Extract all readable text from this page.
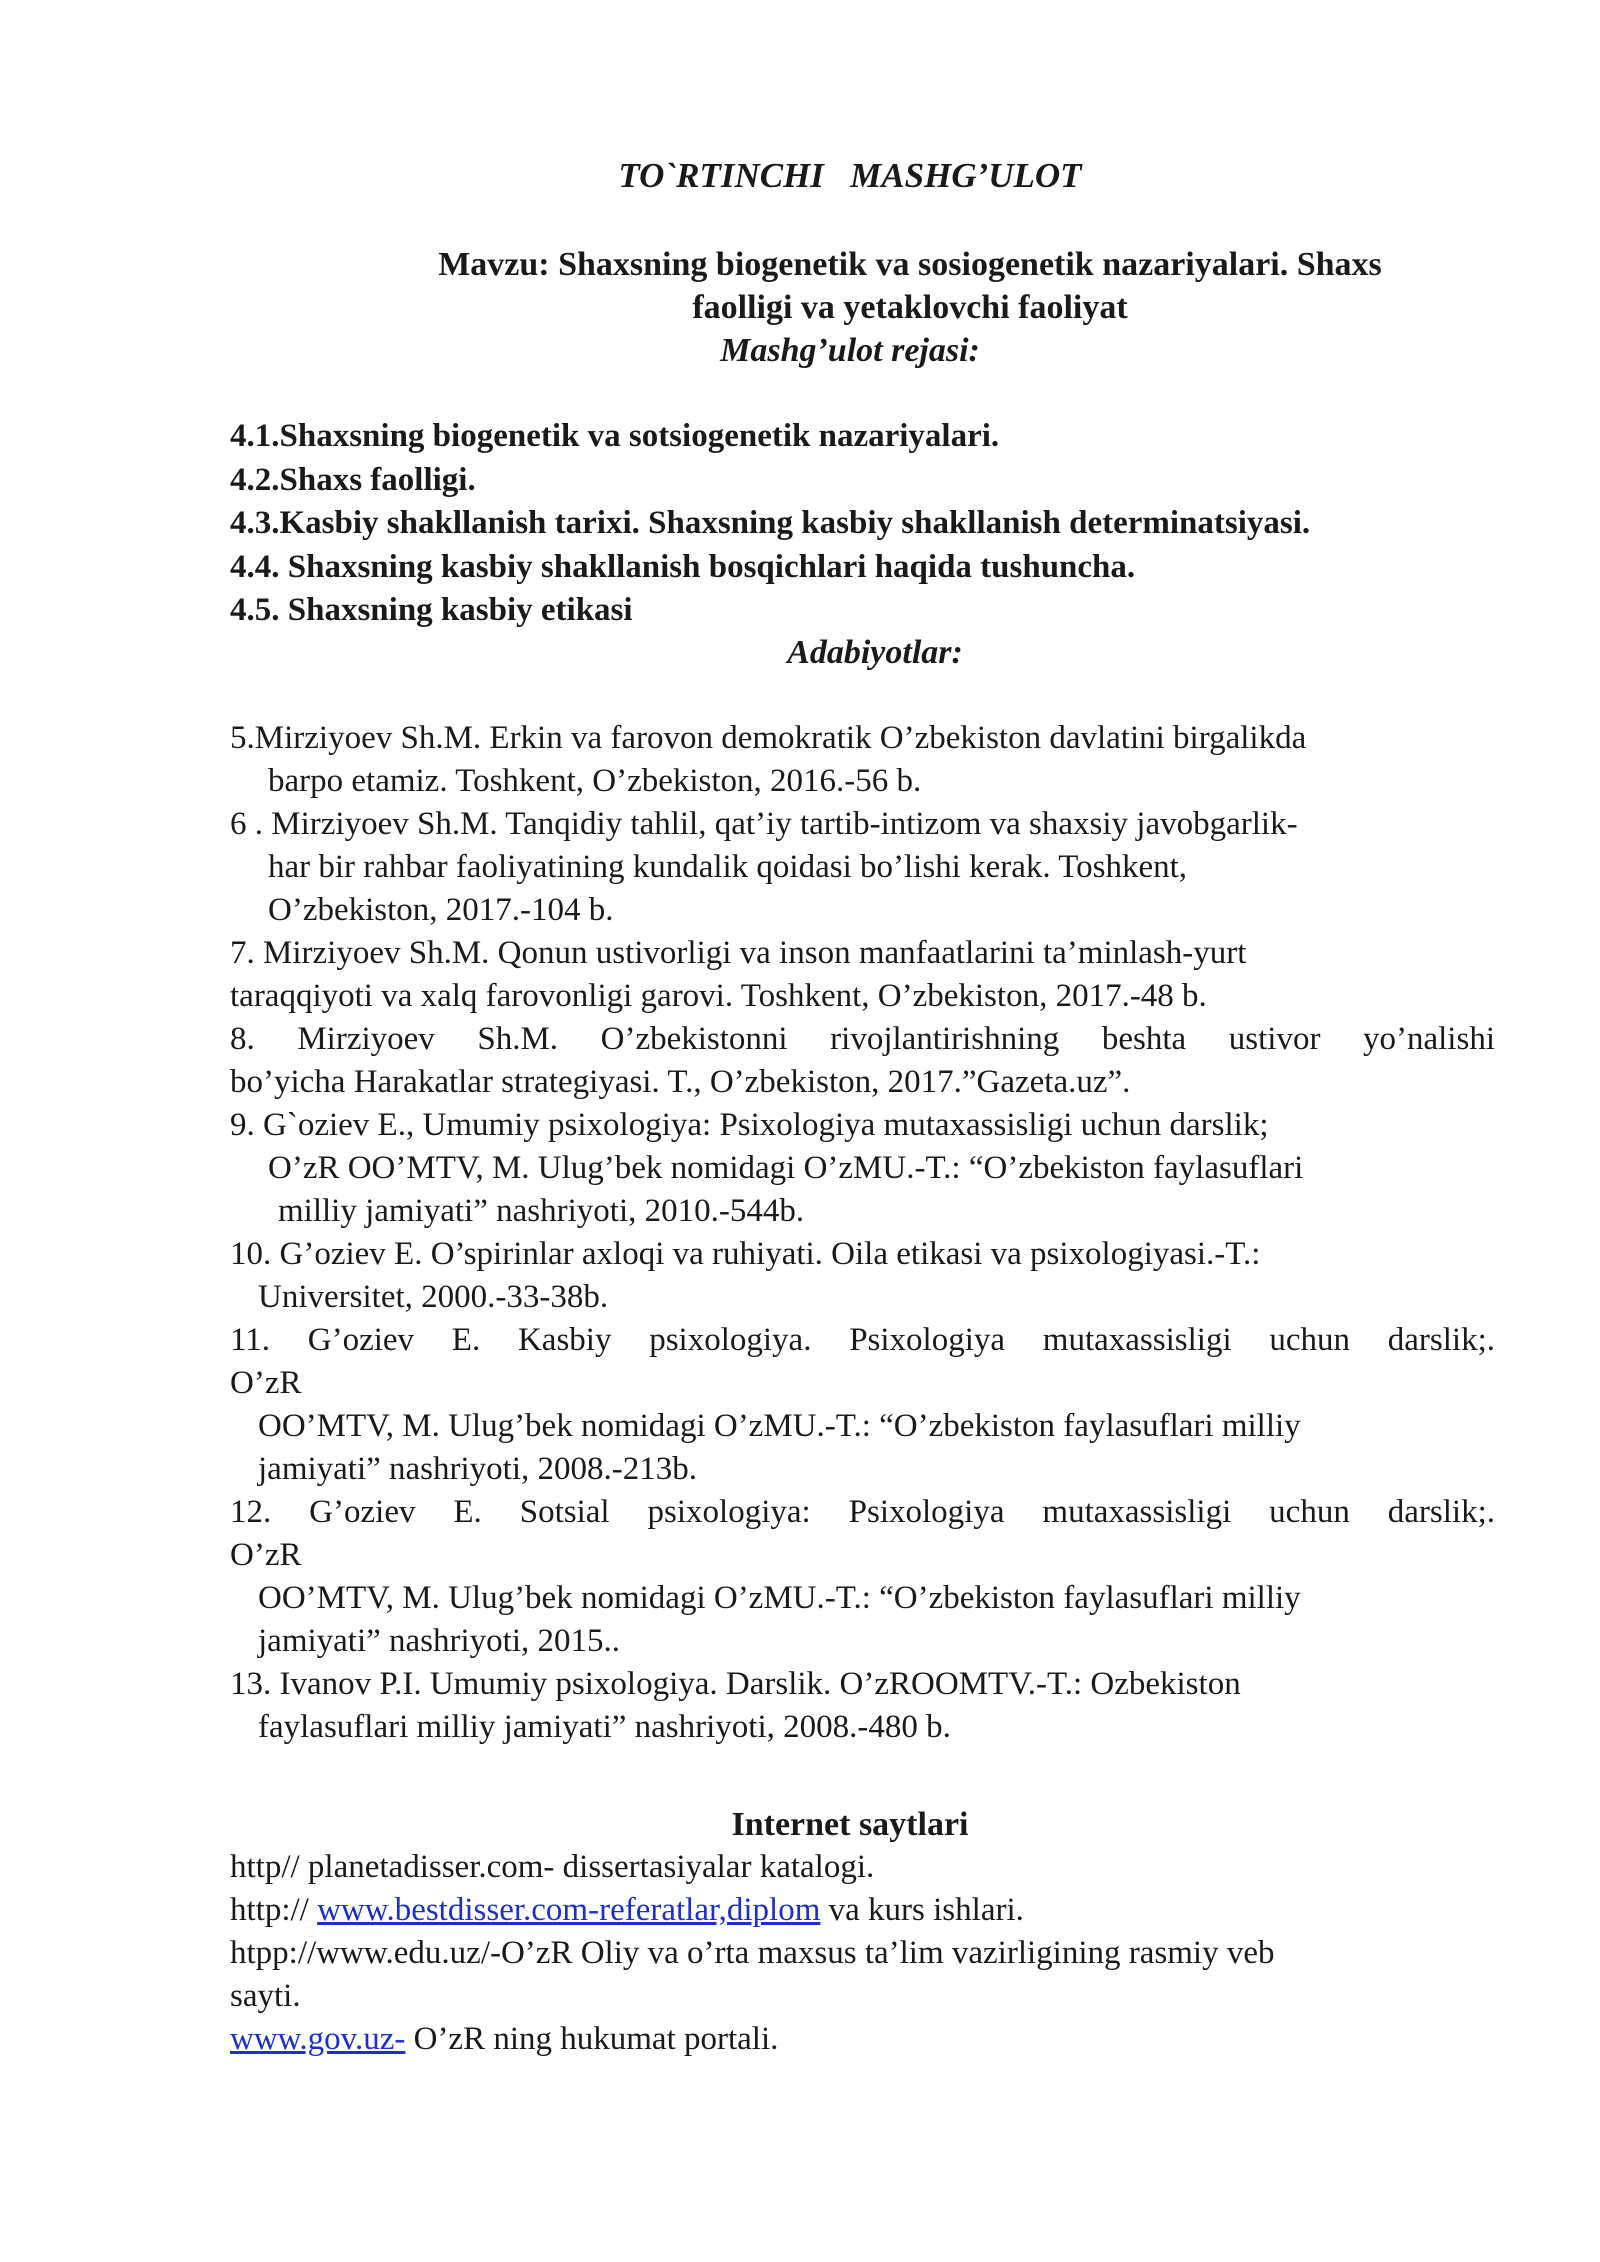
TO`RTINCHI   MASHG’ULOT
Mavzu: Shaxsning biogenetik va sosiogenetik nazariyalari. Shaxs
faolligi va yetaklovchi faoliyat
Mashg’ulot rejasi:
4.1.Shaxsning biogenetik va sotsiogenetik nazariyalari.
4.2.Shaxs faolligi.
4.3.Kasbiy shakllanish tarixi. Shaxsning kasbiy shakllanish determinatsiyasi.
4.4. Shaxsning kasbiy shakllanish bosqichlari haqida tushuncha.
4.5. Shaxsning kasbiy etikasi
Adabiyotlar:
5.Mirziyoev Sh.M. Erkin va farovon demokratik O’zbekiston davlatini birgalikda
barpo etamiz. Toshkent, O’zbekiston, 2016.-56 b.
6 . Mirziyoev Sh.M. Tanqidiy tahlil, qat’iy tartib-intizom va shaxsiy javobgarlik-
har bir rahbar faoliyatining kundalik qoidasi bo’lishi kerak. Toshkent,
O’zbekiston, 2017.-104 b.
7. Mirziyoev Sh.M. Qonun ustivorligi va inson manfaatlarini ta’minlash-yurt
taraqqiyoti va xalq farovonligi garovi. Toshkent, O’zbekiston, 2017.-48 b.
8. Mirziyoev Sh.M. O’zbekistonni rivojlantirishning beshta ustivor yo’nalishi
bo’yicha Harakatlar strategiyasi. T., O’zbekiston, 2017.”Gazeta.uz”.
9. G`oziev E., Umumiy psixologiya: Psixologiya mutaxassisligi uchun darslik;
O’zR OO’MTV, M. Ulug’bek nomidagi O’zMU.-T.: “O’zbekiston faylasuflari
milliy jamiyati” nashriyoti, 2010.-544b.
10. G’oziev E. O’spirinlar axloqi va ruhiyati. Oila etikasi va psixologiyasi.-T.:
Universitet, 2000.-33-38b.
11. G’oziev E. Kasbiy psixologiya. Psixologiya mutaxassisligi uchun darslik;.
O’zR
OO’MTV, M. Ulug’bek nomidagi O’zMU.-T.: “O’zbekiston faylasuflari milliy
jamiyati” nashriyoti, 2008.-213b.
12. G’oziev E. Sotsial psixologiya: Psixologiya mutaxassisligi uchun darslik;.
O’zR
OO’MTV, M. Ulug’bek nomidagi O’zMU.-T.: “O’zbekiston faylasuflari milliy
jamiyati” nashriyoti, 2015..
13. Ivanov P.I. Umumiy psixologiya. Darslik. O’zROOMTV.-T.: Ozbekiston
faylasuflari milliy jamiyati” nashriyoti, 2008.-480 b.
Internet saytlari
http// planetadisser.com- dissertasiyalar katalogi.
http:// www.bestdisser.com-referatlar,diplom va kurs ishlari.
htpp://www.edu.uz/-O’zR Oliy va o’rta maxsus ta’lim vazirligining rasmiy veb
sayti.
www.gov.uz- O’zR ning hukumat portali.
